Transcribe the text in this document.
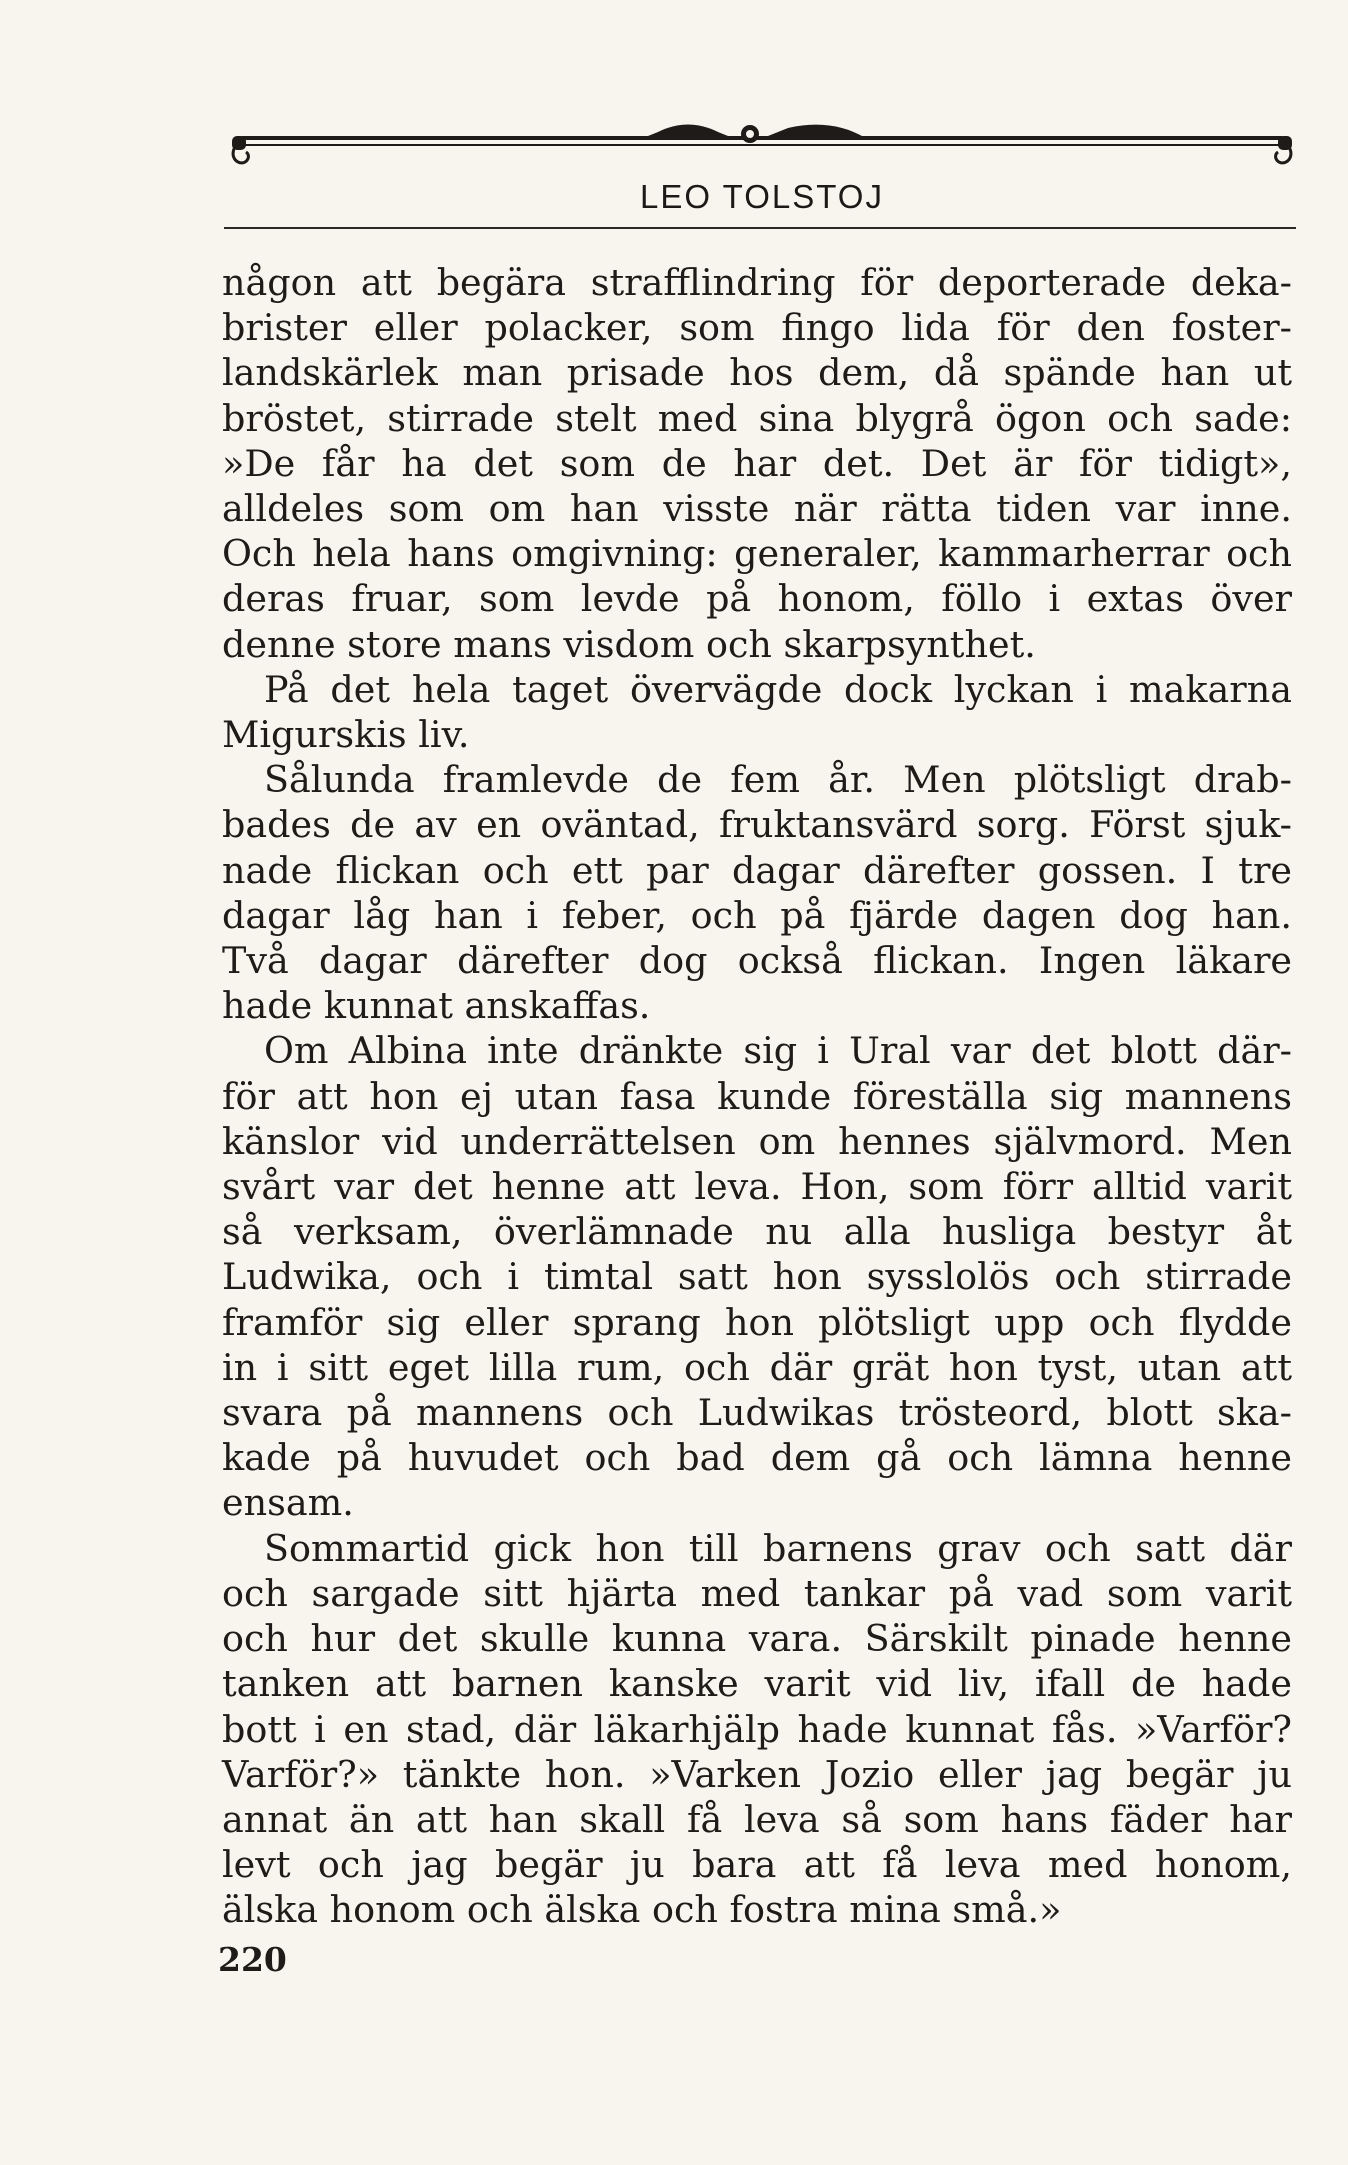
LEO TOLSTOJ
någon att begära strafflindring för deporterade deka-
brister eller polacker, som fingo lida för den foster-
landskärlek man prisade hos dem, då spände han ut
bröstet, stirrade stelt med sina blygrå ögon och sade:
»De får ha det som de har det. Det är för tidigt»,
alldeles som om han visste när rätta tiden var inne.
Och hela hans omgivning: generaler, kammarherrar och
deras fruar, som levde på honom, föllo i extas över
denne store mans visdom och skarpsynthet.
På det hela taget övervägde dock lyckan i makarna
Migurskis liv.
Sålunda framlevde de fem år. Men plötsligt drab-
bades de av en oväntad, fruktansvärd sorg. Först sjuk-
nade flickan och ett par dagar därefter gossen. I tre
dagar låg han i feber, och på fjärde dagen dog han.
Två dagar därefter dog också flickan. Ingen läkare
hade kunnat anskaffas.
Om Albina inte dränkte sig i Ural var det blott där-
för att hon ej utan fasa kunde föreställa sig mannens
känslor vid underrättelsen om hennes självmord. Men
svårt var det henne att leva. Hon, som förr alltid varit
så verksam, överlämnade nu alla husliga bestyr åt
Ludwika, och i timtal satt hon sysslolös och stirrade
framför sig eller sprang hon plötsligt upp och flydde
in i sitt eget lilla rum, och där grät hon tyst, utan att
svara på mannens och Ludwikas trösteord, blott ska-
kade på huvudet och bad dem gå och lämna henne
ensam.
Sommartid gick hon till barnens grav och satt där
och sargade sitt hjärta med tankar på vad som varit
och hur det skulle kunna vara. Särskilt pinade henne
tanken att barnen kanske varit vid liv, ifall de hade
bott i en stad, där läkarhjälp hade kunnat fås. »Varför?
Varför?» tänkte hon. »Varken Jozio eller jag begär ju
annat än att han skall få leva så som hans fäder har
levt och jag begär ju bara att få leva med honom,
älska honom och älska och fostra mina små.»
220
